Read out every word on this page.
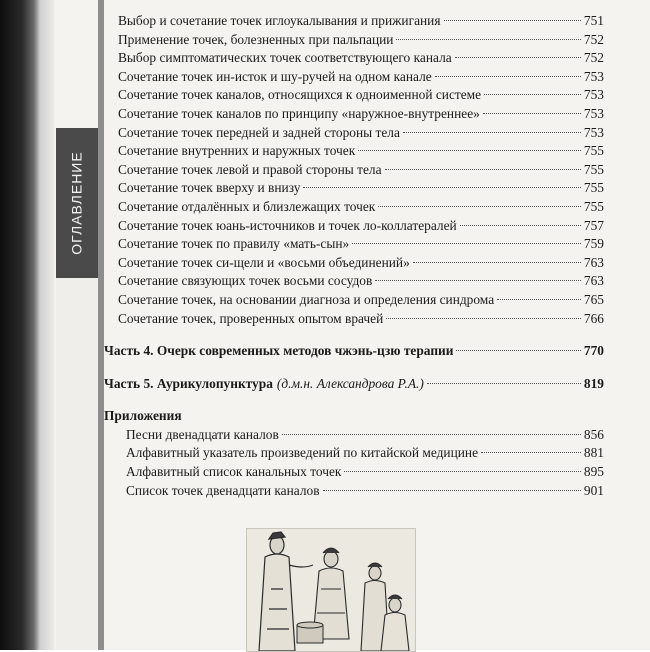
ОГЛАВЛЕНИЕ
Выбор и сочетание точек иглоукалывания и прижигания	751
Применение точек, болезненных при пальпации	752
Выбор симптоматических точек соответствующего канала	752
Сочетание точек ин-исток и шу-ручей на одном канале	753
Сочетание точек каналов, относящихся к одноименной системе	753
Сочетание точек каналов по принципу «наружное-внутреннее»	753
Сочетание точек передней и задней стороны тела	753
Сочетание внутренних и наружных точек	755
Сочетание точек левой и правой стороны тела	755
Сочетание точек вверху и внизу	755
Сочетание отдалённых и близлежащих точек	755
Сочетание точек юань-источников и точек ло-коллатералей	757
Сочетание точек по правилу «мать-сын»	759
Сочетание точек си-щели и «восьми объединений»	763
Сочетание связующих точек восьми сосудов	763
Сочетание точек, на основании диагноза и определения синдрома	765
Сочетание точек, проверенных опытом врачей	766
Часть 4. Очерк современных методов чжэнь-цзю терапии	770
Часть 5. Аурикулопунктура (д.м.н. Александрова Р.А.)	819
Приложения
Песни двенадцати каналов	856
Алфавитный указатель произведений по китайской медицине	881
Алфавитный список канальных точек	895
Список точек двенадцати каналов	901
